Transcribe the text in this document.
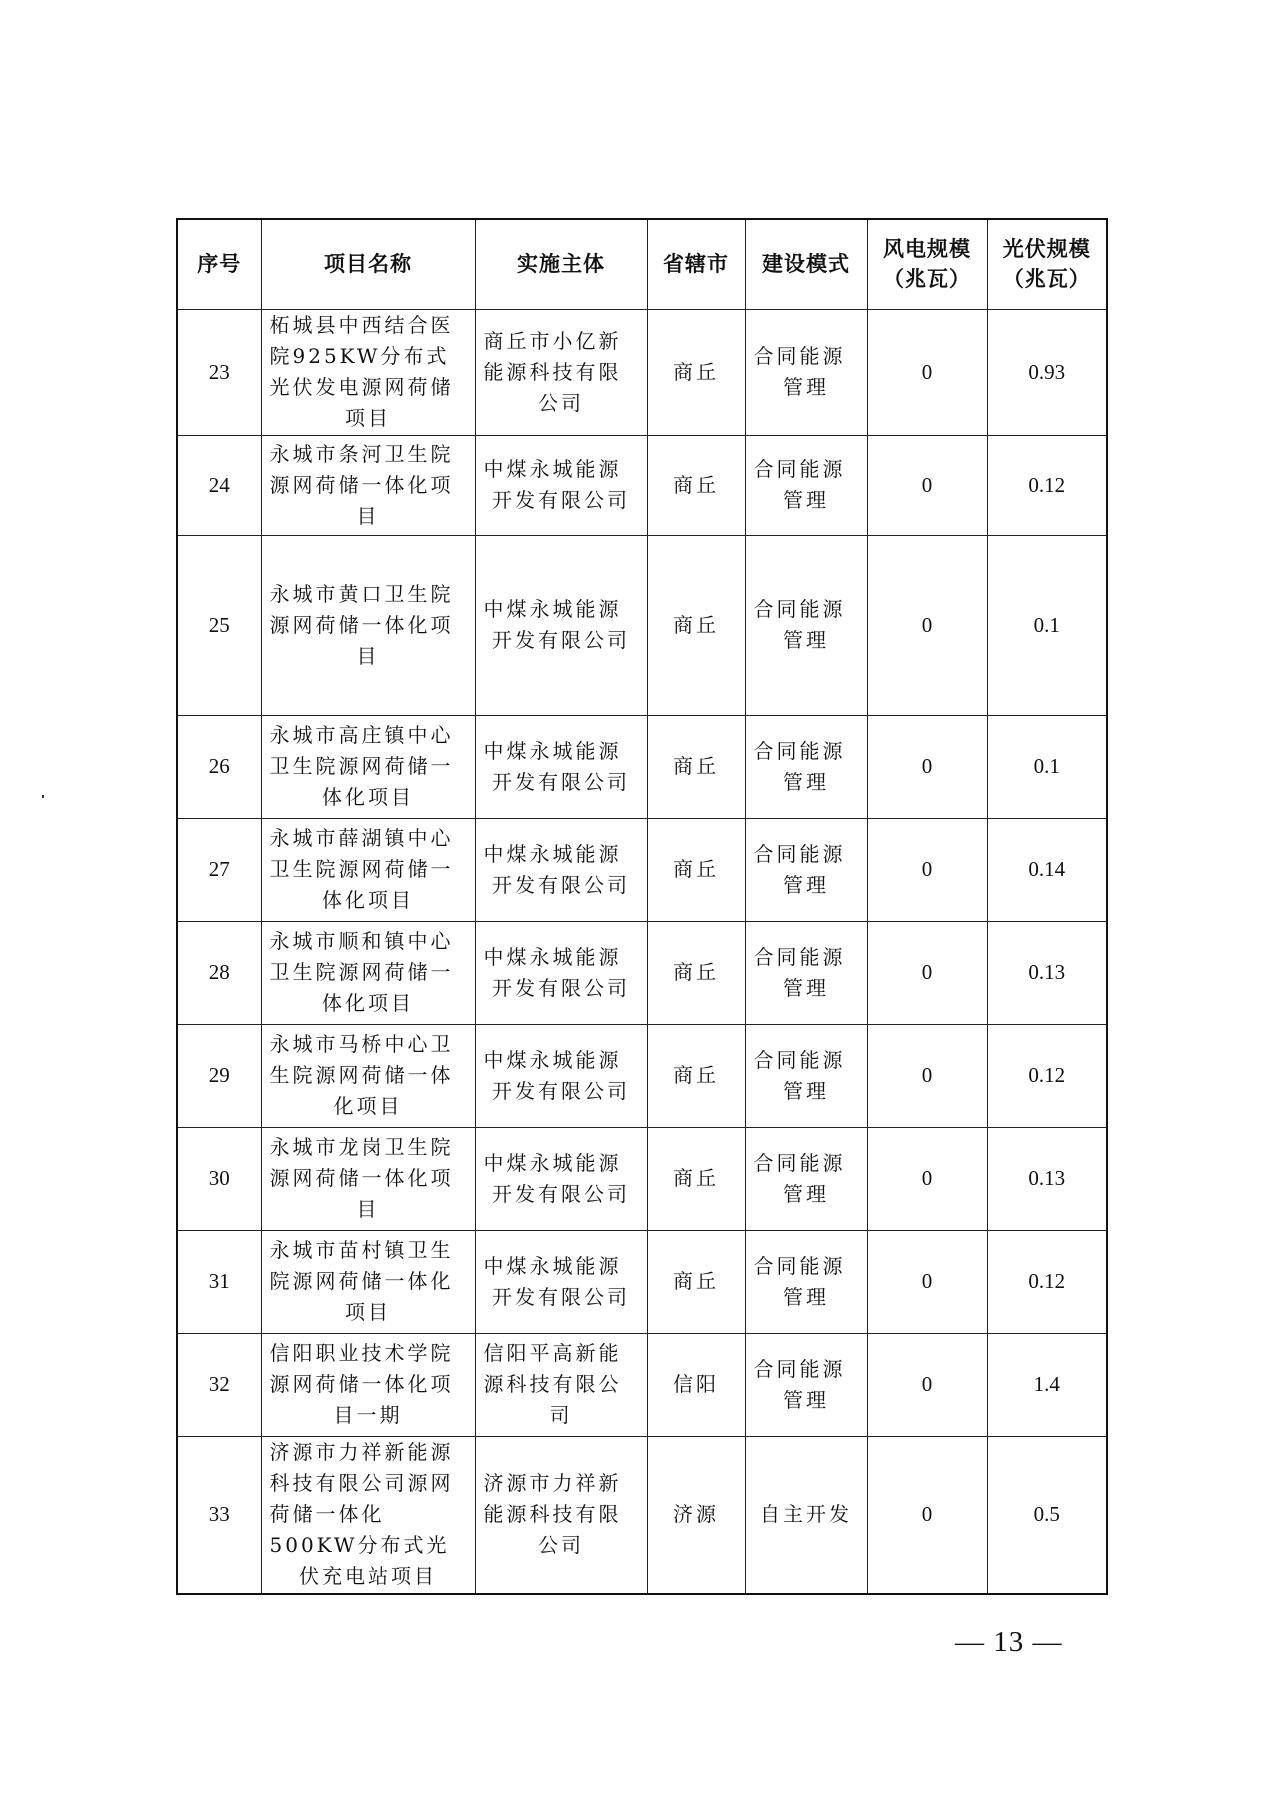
序号	项目名称	实施主体	省辖市	建设模式	风电规模（兆瓦）	光伏规模（兆瓦）
23	柘城县中西结合医院925KW分布式光伏发电源网荷储项目	商丘市小亿新能源科技有限公司	商丘	合同能源管理	0	0.93
24	永城市条河卫生院源网荷储一体化项目	中煤永城能源开发有限公司	商丘	合同能源管理	0	0.12
25	永城市黄口卫生院源网荷储一体化项目	中煤永城能源开发有限公司	商丘	合同能源管理	0	0.1
26	永城市高庄镇中心卫生院源网荷储一体化项目	中煤永城能源开发有限公司	商丘	合同能源管理	0	0.1
27	永城市薛湖镇中心卫生院源网荷储一体化项目	中煤永城能源开发有限公司	商丘	合同能源管理	0	0.14
28	永城市顺和镇中心卫生院源网荷储一体化项目	中煤永城能源开发有限公司	商丘	合同能源管理	0	0.13
29	永城市马桥中心卫生院源网荷储一体化项目	中煤永城能源开发有限公司	商丘	合同能源管理	0	0.12
30	永城市龙岗卫生院源网荷储一体化项目	中煤永城能源开发有限公司	商丘	合同能源管理	0	0.13
31	永城市苗村镇卫生院源网荷储一体化项目	中煤永城能源开发有限公司	商丘	合同能源管理	0	0.12
32	信阳职业技术学院源网荷储一体化项目一期	信阳平高新能源科技有限公司	信阳	合同能源管理	0	1.4
33	济源市力祥新能源科技有限公司源网荷储一体化500KW分布式光伏充电站项目	济源市力祥新能源科技有限公司	济源	自主开发	0	0.5
— 13 —
